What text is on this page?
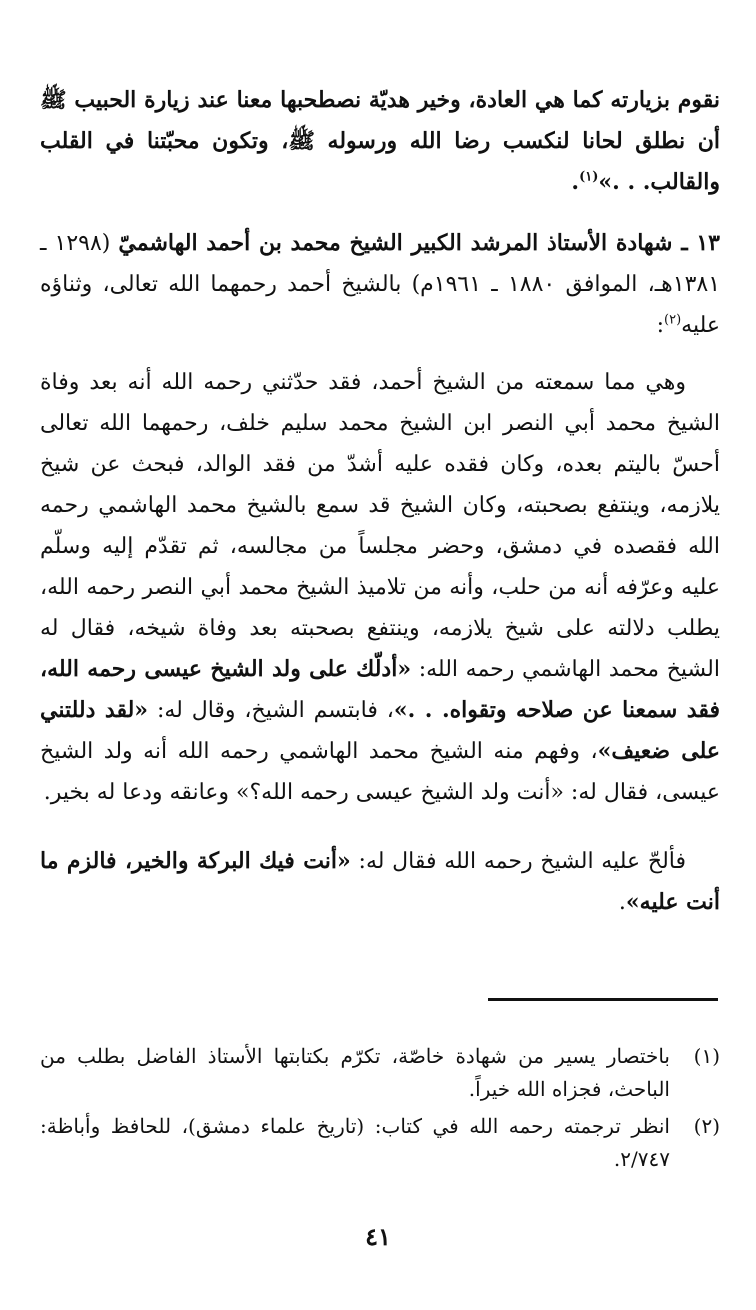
نقوم بزيارته كما هي العادة، وخير هديّة نصطحبها معنا عند زيارة الحبيب ﷺ أن نطلق لحانا لنكسب رضا الله ورسوله ﷺ، وتكون محبّتنا في القلب والقالب. . .»$^{(١)}$.

١٣ ـ شهادة الأستاذ المرشد الكبير الشيخ محمد بن أحمد الهاشميّ (١٢٩٨ ـ ١٣٨١هـ، الموافق ١٨٨٠ ـ ١٩٦١م) بالشيخ أحمد رحمهما الله تعالى، وثناؤه عليه$^{(٢)}$:

وهي مما سمعته من الشيخ أحمد، فقد حدّثني رحمه الله أنه بعد وفاة الشيخ محمد أبي النصر ابن الشيخ محمد سليم خلف، رحمهما الله تعالى أحسّ باليتم بعده، وكان فقده عليه أشدّ من فقد الوالد، فبحث عن شيخ يلازمه، وينتفع بصحبته، وكان الشيخ قد سمع بالشيخ محمد الهاشمي رحمه الله فقصده في دمشق، وحضر مجلساً من مجالسه، ثم تقدّم إليه وسلّم عليه وعرّفه أنه من حلب، وأنه من تلاميذ الشيخ محمد أبي النصر رحمه الله، يطلب دلالته على شيخ يلازمه، وينتفع بصحبته بعد وفاة شيخه، فقال له الشيخ محمد الهاشمي رحمه الله: «أدلّك على ولد الشيخ عيسى رحمه الله، فقد سمعنا عن صلاحه وتقواه. . .»، فابتسم الشيخ، وقال له: «لقد دللتني على ضعيف»، وفهم منه الشيخ محمد الهاشمي رحمه الله أنه ولد الشيخ عيسى، فقال له: «أنت ولد الشيخ عيسى رحمه الله؟» وعانقه ودعا له بخير.

فألحّ عليه الشيخ رحمه الله فقال له: «أنت فيك البركة والخير، فالزم ما أنت عليه».

(١)
باختصار يسير من شهادة خاصّة، تكرّم بكتابتها الأستاذ الفاضل بطلب من الباحث، فجزاه الله خيراً.
(٢)
انظر ترجمته رحمه الله في كتاب: (تاريخ علماء دمشق)، للحافظ وأباظة: ٢/٧٤٧.
٤١
